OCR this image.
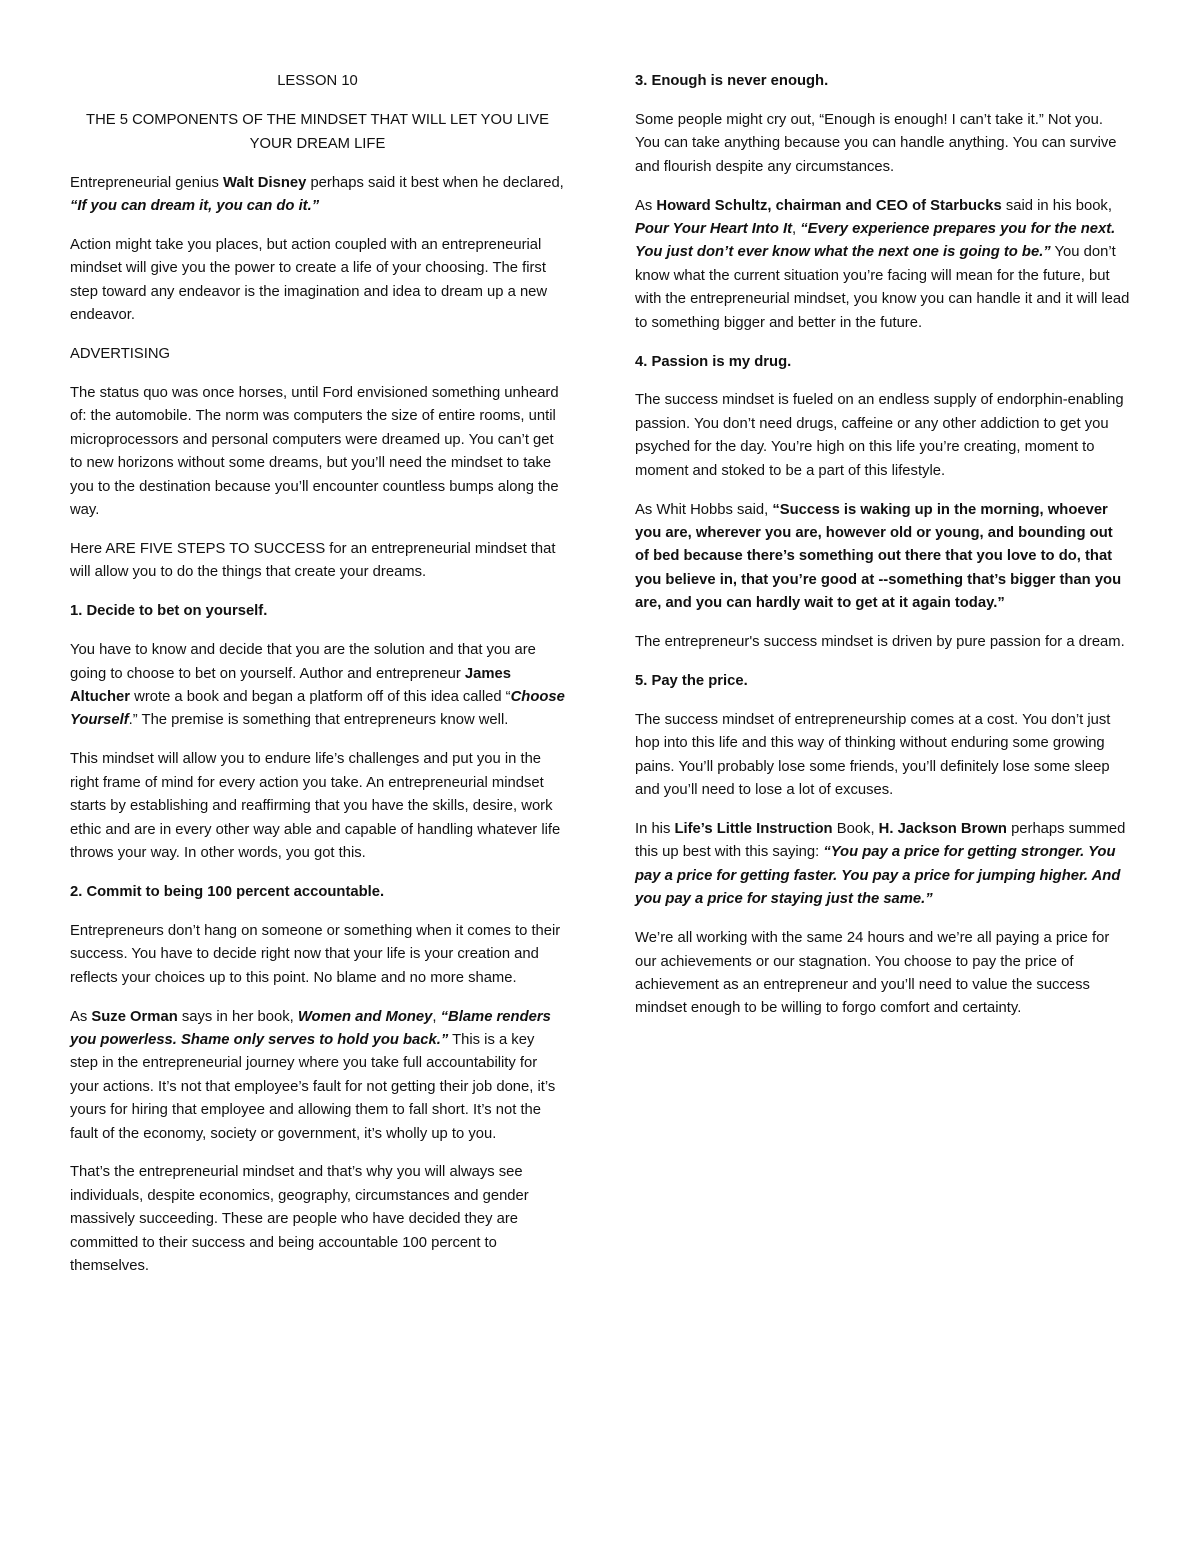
LESSON 10

THE 5 COMPONENTS OF THE MINDSET THAT WILL LET YOU LIVE YOUR DREAM LIFE

Entrepreneurial genius Walt Disney perhaps said it best when he declared, “If you can dream it, you can do it.”

Action might take you places, but action coupled with an entrepreneurial mindset will give you the power to create a life of your choosing. The first step toward any endeavor is the imagination and idea to dream up a new endeavor.

ADVERTISING

The status quo was once horses, until Ford envisioned something unheard of: the automobile. The norm was computers the size of entire rooms, until microprocessors and personal computers were dreamed up. You can’t get to new horizons without some dreams, but you’ll need the mindset to take you to the destination because you’ll encounter countless bumps along the way.

Here ARE FIVE STEPS TO SUCCESS for an entrepreneurial mindset that will allow you to do the things that create your dreams.

1. Decide to bet on yourself.

You have to know and decide that you are the solution and that you are going to choose to bet on yourself. Author and entrepreneur James Altucher wrote a book and began a platform off of this idea called “Choose Yourself.” The premise is something that entrepreneurs know well.

This mindset will allow you to endure life’s challenges and put you in the right frame of mind for every action you take. An entrepreneurial mindset starts by establishing and reaffirming that you have the skills, desire, work ethic and are in every other way able and capable of handling whatever life throws your way. In other words, you got this.

2. Commit to being 100 percent accountable.

Entrepreneurs don’t hang on someone or something when it comes to their success. You have to decide right now that your life is your creation and reflects your choices up to this point. No blame and no more shame.

As Suze Orman says in her book, Women and Money, “Blame renders you powerless. Shame only serves to hold you back.” This is a key step in the entrepreneurial journey where you take full accountability for your actions. It’s not that employee’s fault for not getting their job done, it’s yours for hiring that employee and allowing them to fall short. It’s not the fault of the economy, society or government, it’s wholly up to you.

That’s the entrepreneurial mindset and that’s why you will always see individuals, despite economics, geography, circumstances and gender massively succeeding. These are people who have decided they are committed to their success and being accountable 100 percent to themselves.

3. Enough is never enough.

Some people might cry out, “Enough is enough! I can’t take it.” Not you. You can take anything because you can handle anything. You can survive and flourish despite any circumstances.

As Howard Schultz, chairman and CEO of Starbucks said in his book, Pour Your Heart Into It, “Every experience prepares you for the next. You just don’t ever know what the next one is going to be.” You don’t know what the current situation you’re facing will mean for the future, but with the entrepreneurial mindset, you know you can handle it and it will lead to something bigger and better in the future.

4. Passion is my drug.

The success mindset is fueled on an endless supply of endorphin-enabling passion. You don’t need drugs, caffeine or any other addiction to get you psyched for the day. You’re high on this life you’re creating, moment to moment and stoked to be a part of this lifestyle.

As Whit Hobbs said, “Success is waking up in the morning, whoever you are, wherever you are, however old or young, and bounding out of bed because there’s something out there that you love to do, that you believe in, that you’re good at --something that’s bigger than you are, and you can hardly wait to get at it again today.”

The entrepreneur's success mindset is driven by pure passion for a dream.

5. Pay the price.

The success mindset of entrepreneurship comes at a cost. You don’t just hop into this life and this way of thinking without enduring some growing pains. You’ll probably lose some friends, you’ll definitely lose some sleep and you’ll need to lose a lot of excuses.

In his Life’s Little Instruction Book, H. Jackson Brown perhaps summed this up best with this saying: “You pay a price for getting stronger. You pay a price for getting faster. You pay a price for jumping higher. And you pay a price for staying just the same.”

We’re all working with the same 24 hours and we’re all paying a price for our achievements or our stagnation. You choose to pay the price of achievement as an entrepreneur and you’ll need to value the success mindset enough to be willing to forgo comfort and certainty.
